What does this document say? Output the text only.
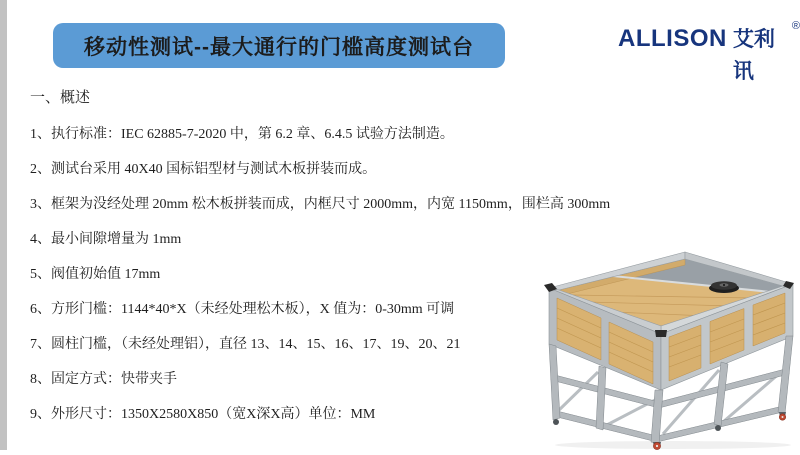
移动性测试--最大通行的门槛高度测试台	ALLISON 艾利讯
®

一、概述

1、执行标准：IEC 62885-7-2020 中，第 6.2 章、6.4.5 试验方法制造。

2、测试台采用 40X40 国标铝型材与测试木板拼装而成。

3、框架为没经处理 20mm 松木板拼装而成，内框尺寸 2000mm，内宽 1150mm，围栏高 300mm

4、最小间隙增量为 1mm

5、阀值初始值 17mm

6、方形门槛：1144*40*X（未经处理松木板），X 值为：0-30mm 可调

7、圆柱门槛，（未经处理铝），直径 13、14、15、16、17、19、20、21

8、固定方式：快带夹手

9、外形尺寸：1350X2580X850（宽X深X高）单位：MM
